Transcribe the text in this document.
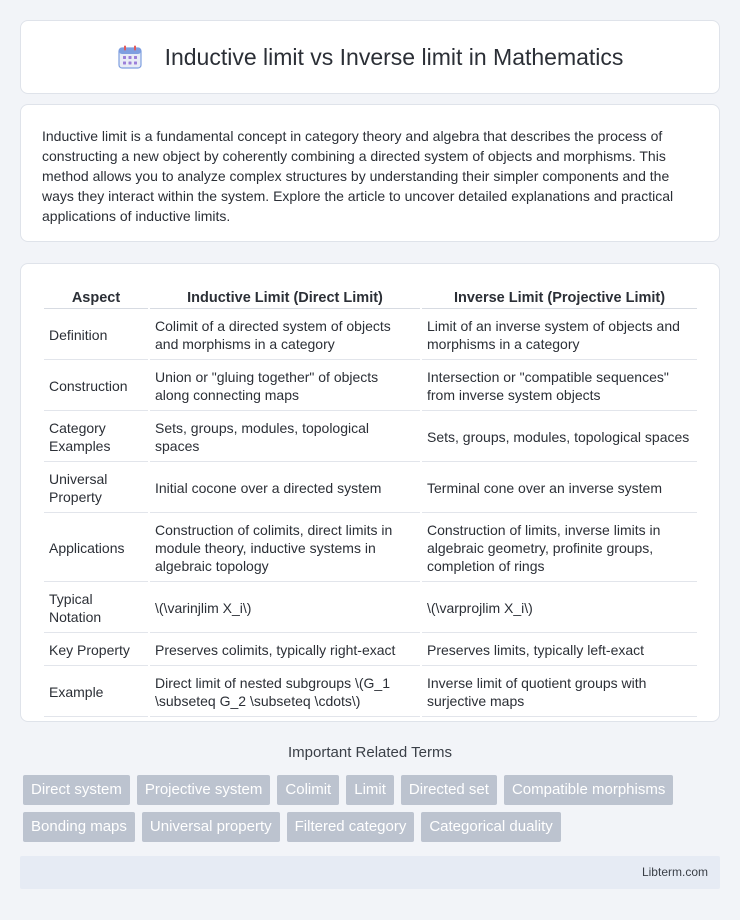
Inductive limit vs Inverse limit in Mathematics

Inductive limit is a fundamental concept in category theory and algebra that describes the process of constructing a new object by coherently combining a directed system of objects and morphisms. This method allows you to analyze complex structures by understanding their simpler components and the ways they interact within the system. Explore the article to uncover detailed explanations and practical applications of inductive limits.

Aspect	Inductive Limit (Direct Limit)	Inverse Limit (Projective Limit)
Definition	Colimit of a directed system of objects and morphisms in a category	Limit of an inverse system of objects and morphisms in a category
Construction	Union or "gluing together" of objects along connecting maps	Intersection or "compatible sequences" from inverse system objects
Category Examples	Sets, groups, modules, topological spaces	Sets, groups, modules, topological spaces
Universal Property	Initial cocone over a directed system	Terminal cone over an inverse system
Applications	Construction of colimits, direct limits in module theory, inductive systems in algebraic topology	Construction of limits, inverse limits in algebraic geometry, profinite groups, completion of rings
Typical Notation	\(\varinjlim X_i\)	\(\varprojlim X_i\)
Key Property	Preserves colimits, typically right-exact	Preserves limits, typically left-exact
Example	Direct limit of nested subgroups \(G_1 \subseteq G_2 \subseteq \cdots\)	Inverse limit of quotient groups with surjective maps
Important Related Terms
Direct system	Projective system	Colimit	Limit	Directed set	Compatible morphisms
Bonding maps	Universal property	Filtered category	Categorical duality
Libterm.com
